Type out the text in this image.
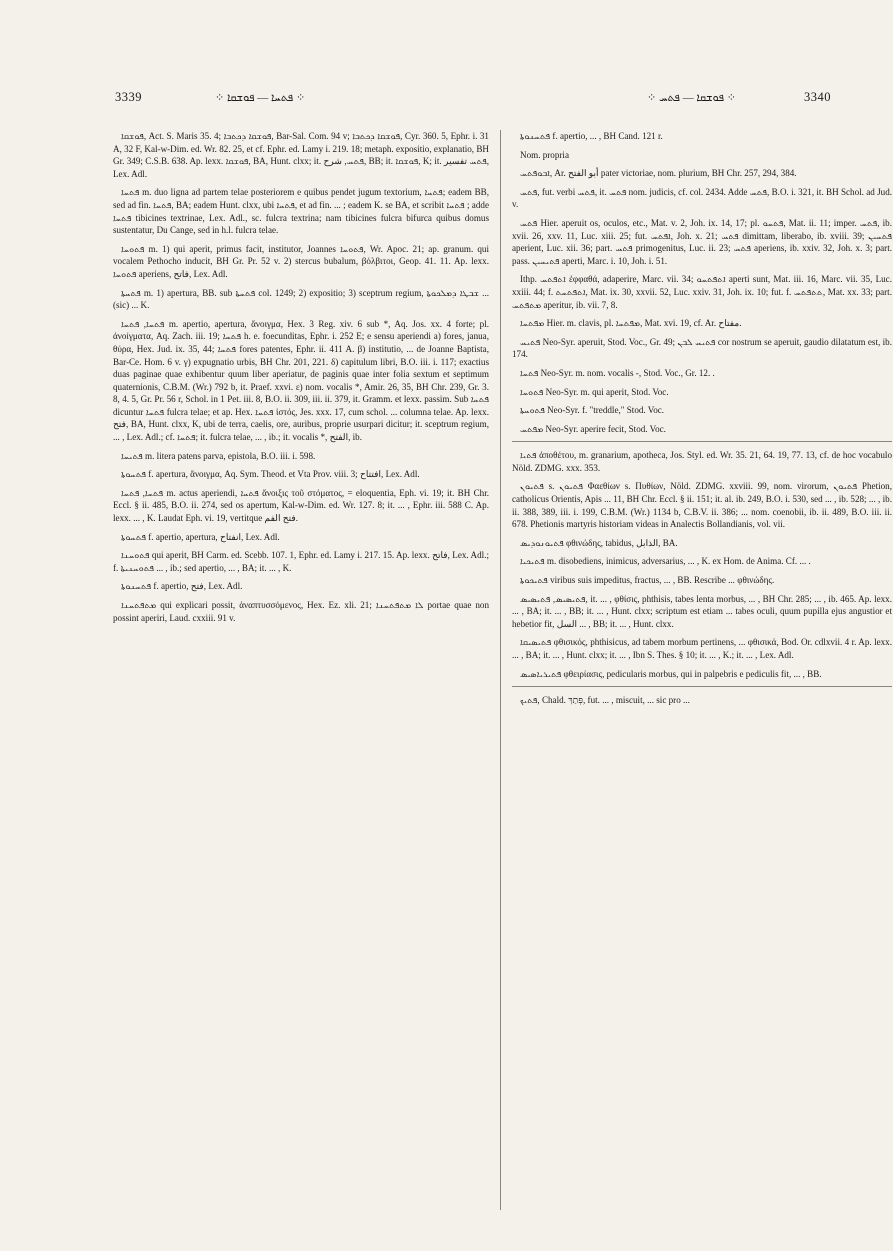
3339	⁘ ܦܬܚܐ — ܦܘܫܩܐ ⁘	⁘ ܦܘܫܩܐ — ܦܬܚ ⁘	3340

ܦܘܫܩܐ, Act. S. Maris 35. 4; ܦܘܫܩܐ ܕܟܬܒܐ, Bar-Sal. Com. 94 v; ܦܘܫܩܐ ܕܟܬܒܐ, Cyr. 360. 5, Ephr. i. 31 A, 32 F, Kal-w-Dim. ed. Wr. 82. 25, et cf. Ephr. ed. Lamy i. 219. 18; metaph. expositio, explanatio, BH Gr. 349; C.S.B. 638. Ap. lexx. ܦܘܫܩܐ, BA, Hunt. clxx; it. ܦܬܚ, شرح, BB; it. ܦܘܫܩܐ, K; it. ܦܬܚ تفسير, Lex. Adl.

ܦܬܚܐ m. duo ligna ad partem telae posteriorem e quibus pendet jugum textorium, ܦܬܚܐ; eadem BB, sed ad fin. ܦܬܚܐ, BA; eadem Hunt. clxx, ubi ܦܬܚܐ, et ad fin. ... ; eadem K. se BA, et scribit ܦܬܚܐ ; adde ܦܬܚܐ tibicines textrinae, Lex. Adl., sc. fulcra textrina; nam tibicines fulcra bifurca quibus domus sustentatur, Du Cange, sed in h.l. fulcra telae.

ܦܬܘܚܐ m. 1) qui aperit, primus facit, institutor, Joannes ܦܬܘܚܐ, Wr. Apoc. 21; ap. granum. qui vocalem Pethocho inducit, BH Gr. Pr. 52 v. 2) stercus bubalum, βόλβιτοι, Geop. 41. 11. Ap. lexx. ܦܬܘܚܐ aperiens, فاتح, Lex. Adl.

ܦܬܚܬܐ m. 1) apertura, BB. sub ܦܬܚܬܐ col. 1249; 2) expositio; 3) sceptrum regium, ܫܒܛܐ ܕܡܠܟܘܬܐ ... (sic) ... K.

ܦܬܚܐ, ܦܬܚܐ m. apertio, apertura, ἄνοιγμα, Hex. 3 Reg. xiv. 6 sub *, Aq. Jos. xx. 4 forte; pl. ἀνοίγματα, Aq. Zach. iii. 19; ܦܬܚܐ h. e. foecunditas, Ephr. i. 252 E; e sensu aperiendi a) fores, janua, θύρα, Hex. Jud. ix. 35, 44; ܦܬܚܐ fores patentes, Ephr. ii. 411 A. β) institutio, ... de Joanne Baptista, Bar-Ce. Hom. 6 v. γ) expugnatio urbis, BH Chr. 201, 221. δ) capitulum libri, B.O. iii. i. 117; exactius duas paginae quae exhibentur quum liber aperiatur, de paginis quae inter folia sextum et septimum quaternionis, C.B.M. (Wr.) 792 b, it. Praef. xxvi. ε) nom. vocalis *, Amir. 26, 35, BH Chr. 239, Gr. 3. 8, 4. 5, Gr. Pr. 56 r, Schol. in 1 Pet. iii. 8, B.O. ii. 309, iii. ii. 379, it. Gramm. et lexx. passim. Sub ܦܬܚܐ dicuntur ܦܬܚܐ fulcra telae; et ap. Hex. ܦܬܚܐ ἱστός, Jes. xxx. 17, cum schol. ... columna telae. Ap. lexx. فتح, BA, Hunt. clxx, K, ubi de terra, caelis, ore, auribus, proprie usurpari dicitur; it. sceptrum regium, ... , Lex. Adl.; cf. ܦܬܚܐ; it. fulcra telae, ... , ib.; it. vocalis *, الفتح, ib.

ܦܬܝܚܐ m. litera patens parva, epistola, B.O. iii. i. 598.

ܦܬܚܘܬܐ f. apertura, ἄνοιγμα, Aq. Sym. Theod. et Vta Prov. viii. 3; افتتاح, Lex. Adl.

ܦܬܚܐ, ܦܬܚܐ m. actus aperiendi, ܦܬܚܐ ἄνοιξις τοῦ στόματος, = eloquentia, Eph. vi. 19; it. BH Chr. Eccl. § ii. 485, B.O. ii. 274, sed os apertum, Kal-w-Dim. ed. Wr. 127. 8; it. ... , Ephr. iii. 588 C. Ap. lexx. ... , K. Laudat Eph. vi. 19, vertitque فتح الفم.

ܦܬܚܘܬܐ f. apertio, apertura, انفتاح, Lex. Adl.

ܦܬܘܚܢܐ qui aperit, BH Carm. ed. Scebb. 107. 1, Ephr. ed. Lamy i. 217. 15. Ap. lexx. فاتح, Lex. Adl.; f. ܦܬܘܚܢܝܬܐ ... , ib.; sed apertio, ... , BA; it. ... , K.

ܦܬܚܢܘܬܐ f. apertio, فتح, Lex. Adl.

ܡܬܦܬܚܢܐ qui explicari possit, ἀναπτυσσόμενος, Hex. Ez. xli. 21; ܠܐ ܡܬܦܬܚܢܐ portae quae non possint aperiri, Laud. cxxiii. 91 v.

ܦܬܚܢܘܬܐ f. apertio, ... , BH Cand. 121 r.

Nom. propria

ܐܒܘܦܬܚ, Ar. أبو الفتح pater victoriae, nom. plurium, BH Chr. 257, 294, 384.

ܦܬܚ, fut. verbi ܦܬܚ, it. ܦܬܚ nom. judicis, cf. col. 2434. Adde ܦܬܚ, B.O. i. 321, it. BH Schol. ad Jud. v.

ܦܬܚ Hier. aperuit os, oculos, etc., Mat. v. 2, Joh. ix. 14, 17; pl. ܦܬܚܘ, Mat. ii. 11; imper. ܦܬܚ, ib. xvii. 26, xxv. 11, Luc. xiii. 25; fut. ܐܦܬܚ, Joh. x. 21; ܦܬܚ dimittam, liberabo, ib. xviii. 39; ܦܬܚܝܢ aperient, Luc. xii. 36; part. ܦܬܚ primogenitus, Luc. ii. 23; ܦܬܚ aperiens, ib. xxiv. 32, Joh. x. 3; part. pass. ܦܬܝܚܝܢ aperti, Marc. i. 10, Joh. i. 51.

Ithp. ܐܬܦܬܚ ἐφφαθά, adaperire, Marc. vii. 34; ܐܬܦܬܚܘ aperti sunt, Mat. iii. 16, Marc. vii. 35, Luc. xxiii. 44; f. ܐܬܦܬܚܬ, Mat. ix. 30, xxvii. 52, Luc. xxiv. 31, Joh. ix. 10; fut. f. ܬܬܦܬܚ, Mat. xx. 33; part. ܡܬܦܬܚ aperitur, ib. vii. 7, 8.

ܡܦܬܚܐ Hier. m. clavis, pl. ܡܦܬܚܐ, Mat. xvi. 19, cf. Ar. مفتاح.

ܦܬܝܚ Neo-Syr. aperuit, Stod. Voc., Gr. 49; ܦܬܝܚ ܠܒܢ cor nostrum se aperuit, gaudio dilatatum est, ib. 174.

ܦܬܚܐ Neo-Syr. m. nom. vocalis -, Stod. Voc., Gr. 12. .

ܦܬܘܚܐ Neo-Syr. m. qui aperit, Stod. Voc.

ܦܬܘܚܬܐ Neo-Syr. f. "treddle," Stod. Voc.

ܡܦܬܚ Neo-Syr. aperire fecit, Stod. Voc.

ܦܬܝܐ ἀποθέτου, m. granarium, apotheca, Jos. Styl. ed. Wr. 35. 21, 64. 19, 77. 13, cf. de hoc vocabulo Nöld. ZDMG. xxx. 353.

ܦܬܝܘܢ s. ܦܬܝܘܢ Φαεθίων s. Πυθίων, Nöld. ZDMG. xxviii. 99, nom. virorum, ܦܬܝܘܢ Phetion, catholicus Orientis, Apis ... 11, BH Chr. Eccl. § ii. 151; it. al. ib. 249, B.O. i. 530, sed ... , ib. 528; ... , ib. ii. 388, 389, iii. i. 199, C.B.M. (Wr.) 1134 b, C.B.V. ii. 386; ... nom. coenobii, ib. ii. 489, B.O. iii. ii. 678. Phetionis martyris historiam videas in Analectis Bollandianis, vol. vii.

ܦܬܝܘܢܘܕܝܣ φθινώδης, tabidus, الذابل, BA.

ܦܬܝܟܝܐ m. disobediens, inimicus, adversarius, ... , K. ex Hom. de Anima. Cf. ... .

ܦܬܝܟܘܬܐ viribus suis impeditus, fractus, ... , BB. Rescribe ... φθινώδης.

ܦܬܝܣܝܣ, ܦܬܝܣܝܣ, it. ... , φθίσις, phthisis, tabes lenta morbus, ... , BH Chr. 285; ... , ib. 465. Ap. lexx. ... , BA; it. ... , BB; it. ... , Hunt. clxx; scriptum est etiam ... tabes oculi, quum pupilla ejus angustior et hebetior fit, السل ... , BB; it. ... , Hunt. clxx.

ܦܬܝܣܝܩܐ φθισικός, phthisicus, ad tabem morbum pertinens, ... φθισικά, Bod. Or. cdlxvii. 4 r. Ap. lexx. ... , BA; it. ... , Hunt. clxx; it. ... , Ibn S. Thes. § 10; it. ... , K.; it. ... , Lex. Adl.

ܦܬܝܪܝܐܣܝܣ φθειρίασις, pedicularis morbus, qui in palpebris e pediculis fit, ... , BB.

ܦܬܝܟ, Chald. פְּתַךְ, fut. ... , miscuit, ... sic pro ...
